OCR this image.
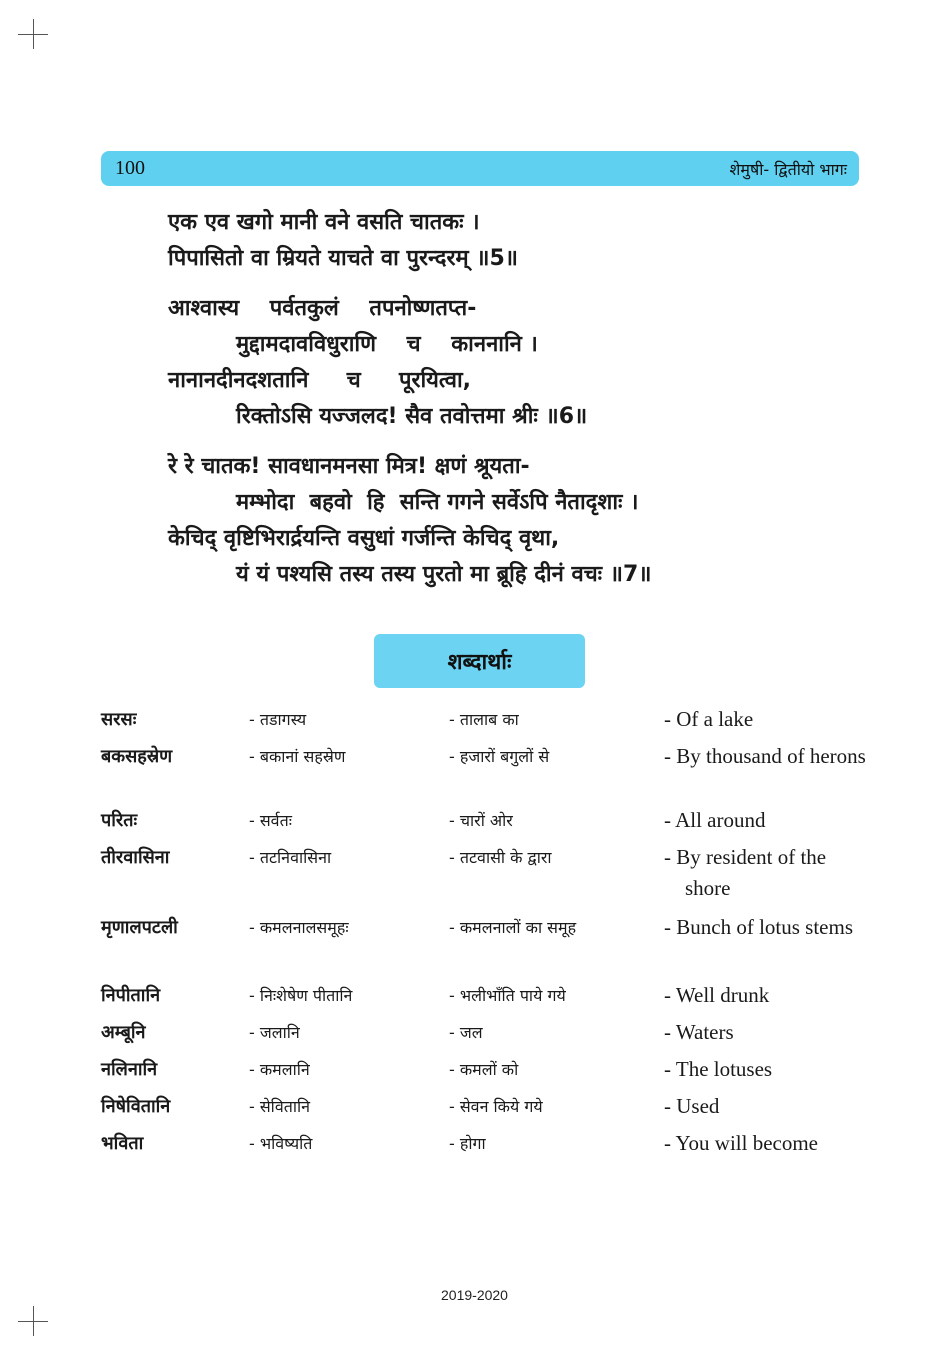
100	शेमुषी- द्वितीयो भागः
एक एव खगो मानी वने वसति चातकः ।
पिपासितो वा म्रियते याचते वा पुरन्दरम् ॥5॥
आश्वास्य    पर्वतकुलं    तपनोष्णतप्त-
मुद्दामदावविधुराणि    च    काननानि ।
नानानदीनदशतानि     च     पूरयित्वा,
रिक्तोऽसि यज्जलद! सैव तवोत्तमा श्रीः ॥6॥
रे रे चातक! सावधानमनसा मित्र! क्षणं श्रूयता-
मम्भोदा  बहवो  हि  सन्ति गगने सर्वेऽपि नैतादृशाः ।
केचिद् वृष्टिभिरार्द्रयन्ति वसुधां गर्जन्ति केचिद् वृथा,
यं यं पश्यसि तस्य तस्य पुरतो मा ब्रूहि दीनं वचः ॥7॥
शब्दार्थाः
सरसः	- तडागस्य	- तालाब का	- Of a lake
बकसहस्रेण	- बकानां सहस्रेण	- हजारों बगुलों से	- By thousand of herons
परितः	- सर्वतः	- चारों ओर	- All around
तीरवासिना	- तटनिवासिना	- तटवासी के द्वारा	- By resident of the shore
मृणालपटली	- कमलनालसमूहः	- कमलनालों का समूह	- Bunch of lotus stems
निपीतानि	- निःशेषेण पीतानि	- भलीभाँति पाये गये	- Well drunk
अम्बूनि	- जलानि	- जल	- Waters
नलिनानि	- कमलानि	- कमलों को	- The lotuses
निषेवितानि	- सेवितानि	- सेवन किये गये	- Used
भविता	- भविष्यति	- होगा	- You will become
2019-2020
